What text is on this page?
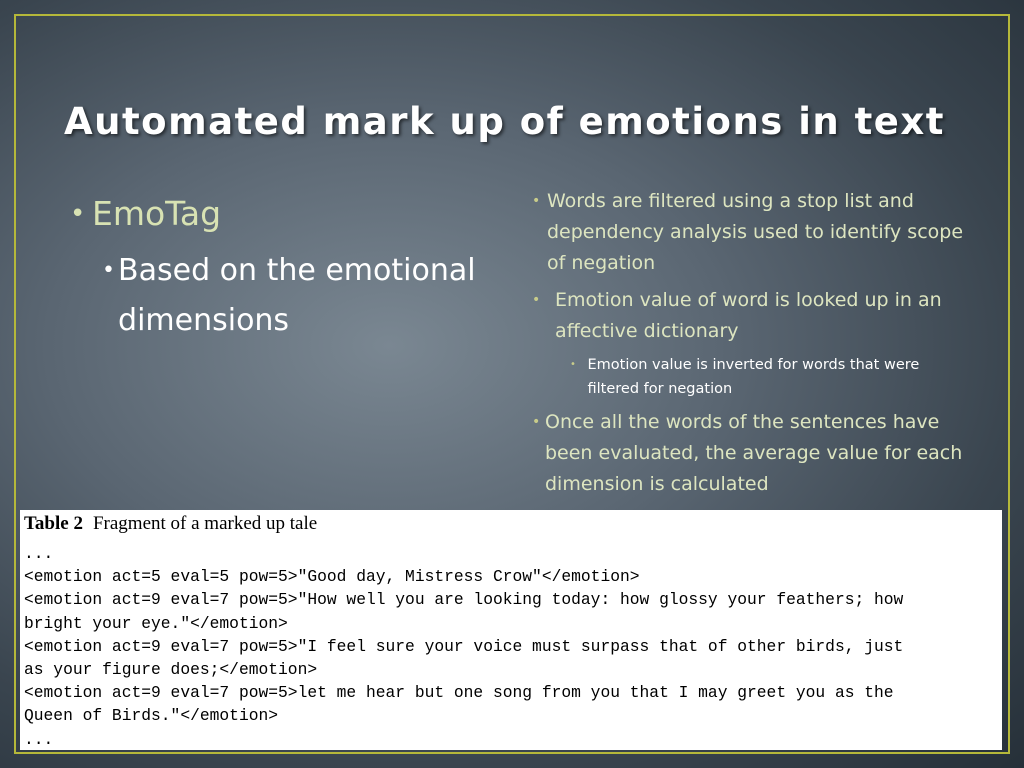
Automated mark up of emotions in text
• EmoTag
• Based on the emotional dimensions
• Words are filtered using a stop list and dependency analysis used to identify scope of negation
• Emotion value of word is looked up in an affective dictionary
• Emotion value is inverted for words that were filtered for negation
• Once all the words of the sentences have been evaluated, the average value for each dimension is calculated

Table 2 Fragment of a marked up tale

...
<emotion act=5 eval=5 pow=5>"Good day, Mistress Crow"</emotion>
<emotion act=9 eval=7 pow=5>"How well you are looking today: how glossy your feathers; how
bright your eye."</emotion>
<emotion act=9 eval=7 pow=5>"I feel sure your voice must surpass that of other birds, just
as your figure does;</emotion>
<emotion act=9 eval=7 pow=5>let me hear but one song from you that I may greet you as the
Queen of Birds."</emotion>
...
